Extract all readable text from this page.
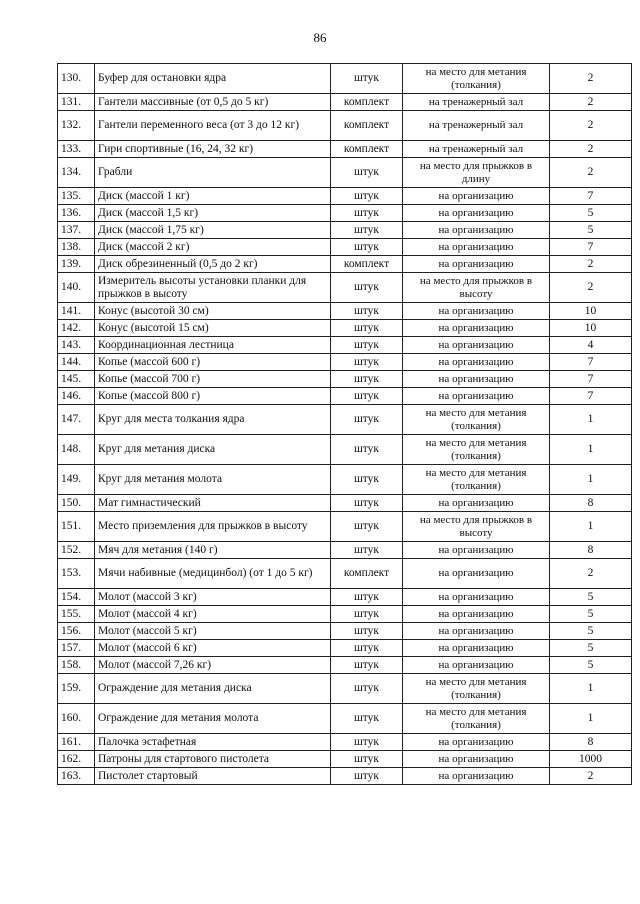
86
130.	Буфер для остановки ядра	штук	на место для метания (толкания)	2
131.	Гантели массивные (от 0,5 до 5 кг)	комплект	на тренажерный зал	2
132.	Гантели переменного веса (от 3 до 12 кг)	комплект	на тренажерный зал	2
133.	Гири спортивные (16, 24, 32 кг)	комплект	на тренажерный зал	2
134.	Грабли	штук	на место для прыжков в длину	2
135.	Диск (массой 1 кг)	штук	на организацию	7
136.	Диск (массой 1,5 кг)	штук	на организацию	5
137.	Диск (массой 1,75 кг)	штук	на организацию	5
138.	Диск (массой 2 кг)	штук	на организацию	7
139.	Диск обрезиненный (0,5 до 2 кг)	комплект	на организацию	2
140.	Измеритель высоты установки планки для прыжков в высоту	штук	на место для прыжков в высоту	2
141.	Конус (высотой 30 см)	штук	на организацию	10
142.	Конус (высотой 15 см)	штук	на организацию	10
143.	Координационная лестница	штук	на организацию	4
144.	Копье (массой 600 г)	штук	на организацию	7
145.	Копье (массой 700 г)	штук	на организацию	7
146.	Копье (массой 800 г)	штук	на организацию	7
147.	Круг для места толкания ядра	штук	на место для метания (толкания)	1
148.	Круг для метания диска	штук	на место для метания (толкания)	1
149.	Круг для метания молота	штук	на место для метания (толкания)	1
150.	Мат гимнастический	штук	на организацию	8
151.	Место приземления для прыжков в высоту	штук	на место для прыжков в высоту	1
152.	Мяч для метания (140 г)	штук	на организацию	8
153.	Мячи набивные (медицинбол) (от 1 до 5 кг)	комплект	на организацию	2
154.	Молот (массой 3 кг)	штук	на организацию	5
155.	Молот (массой 4 кг)	штук	на организацию	5
156.	Молот (массой 5 кг)	штук	на организацию	5
157.	Молот (массой 6 кг)	штук	на организацию	5
158.	Молот (массой 7,26 кг)	штук	на организацию	5
159.	Ограждение для метания диска	штук	на место для метания (толкания)	1
160.	Ограждение для метания молота	штук	на место для метания (толкания)	1
161.	Палочка эстафетная	штук	на организацию	8
162.	Патроны для стартового пистолета	штук	на организацию	1000
163.	Пистолет стартовый	штук	на организацию	2
